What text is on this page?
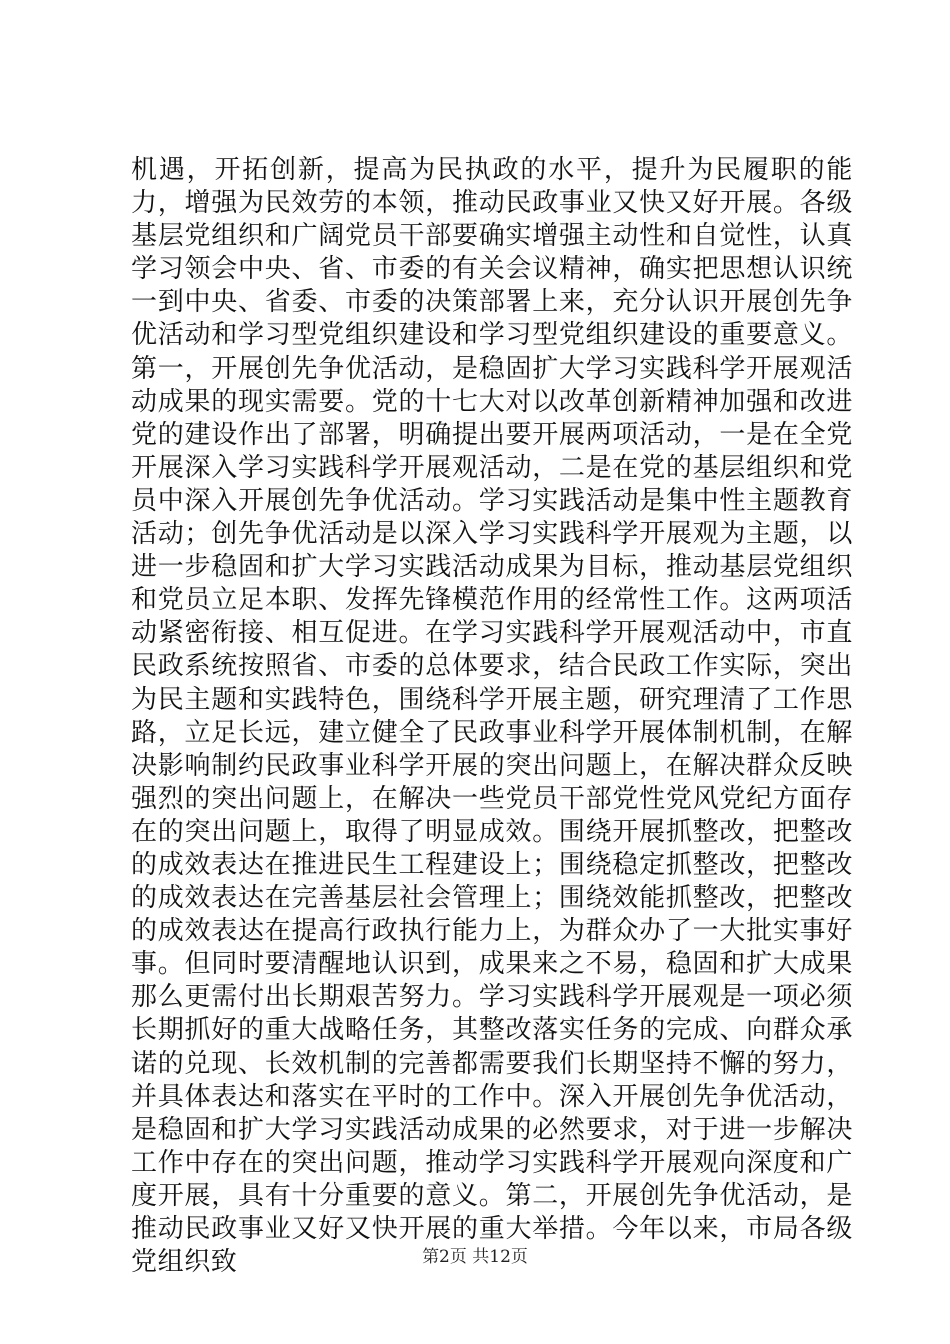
机遇，开拓创新，提高为民执政的水平，提升为民履职的能力，增强为民效劳的本领，推动民政事业又快又好开展。各级基层党组织和广阔党员干部要确实增强主动性和自觉性，认真学习领会中央、省、市委的有关会议精神，确实把思想认识统一到中央、省委、市委的决策部署上来，充分认识开展创先争优活动和学习型党组织建设和学习型党组织建设的重要意义。第一，开展创先争优活动，是稳固扩大学习实践科学开展观活动成果的现实需要。党的十七大对以改革创新精神加强和改进党的建设作出了部署，明确提出要开展两项活动，一是在全党开展深入学习实践科学开展观活动，二是在党的基层组织和党员中深入开展创先争优活动。学习实践活动是集中性主题教育活动；创先争优活动是以深入学习实践科学开展观为主题，以进一步稳固和扩大学习实践活动成果为目标，推动基层党组织和党员立足本职、发挥先锋模范作用的经常性工作。这两项活动紧密衔接、相互促进。在学习实践科学开展观活动中，市直民政系统按照省、市委的总体要求，结合民政工作实际，突出为民主题和实践特色，围绕科学开展主题，研究理清了工作思路，立足长远，建立健全了民政事业科学开展体制机制，在解决影响制约民政事业科学开展的突出问题上，在解决群众反映强烈的突出问题上，在解决一些党员干部党性党风党纪方面存在的突出问题上，取得了明显成效。围绕开展抓整改，把整改的成效表达在推进民生工程建设上；围绕稳定抓整改，把整改的成效表达在完善基层社会管理上；围绕效能抓整改，把整改的成效表达在提高行政执行能力上，为群众办了一大批实事好事。但同时要清醒地认识到，成果来之不易，稳固和扩大成果那么更需付出长期艰苦努力。学习实践科学开展观是一项必须长期抓好的重大战略任务，其整改落实任务的完成、向群众承诺的兑现、长效机制的完善都需要我们长期坚持不懈的努力，并具体表达和落实在平时的工作中。深入开展创先争优活动，是稳固和扩大学习实践活动成果的必然要求，对于进一步解决工作中存在的突出问题，推动学习实践科学开展观向深度和广度开展，具有十分重要的意义。第二，开展创先争优活动，是推动民政事业又好又快开展的重大举措。今年以来，市局各级党组织致	第2页 共12页
